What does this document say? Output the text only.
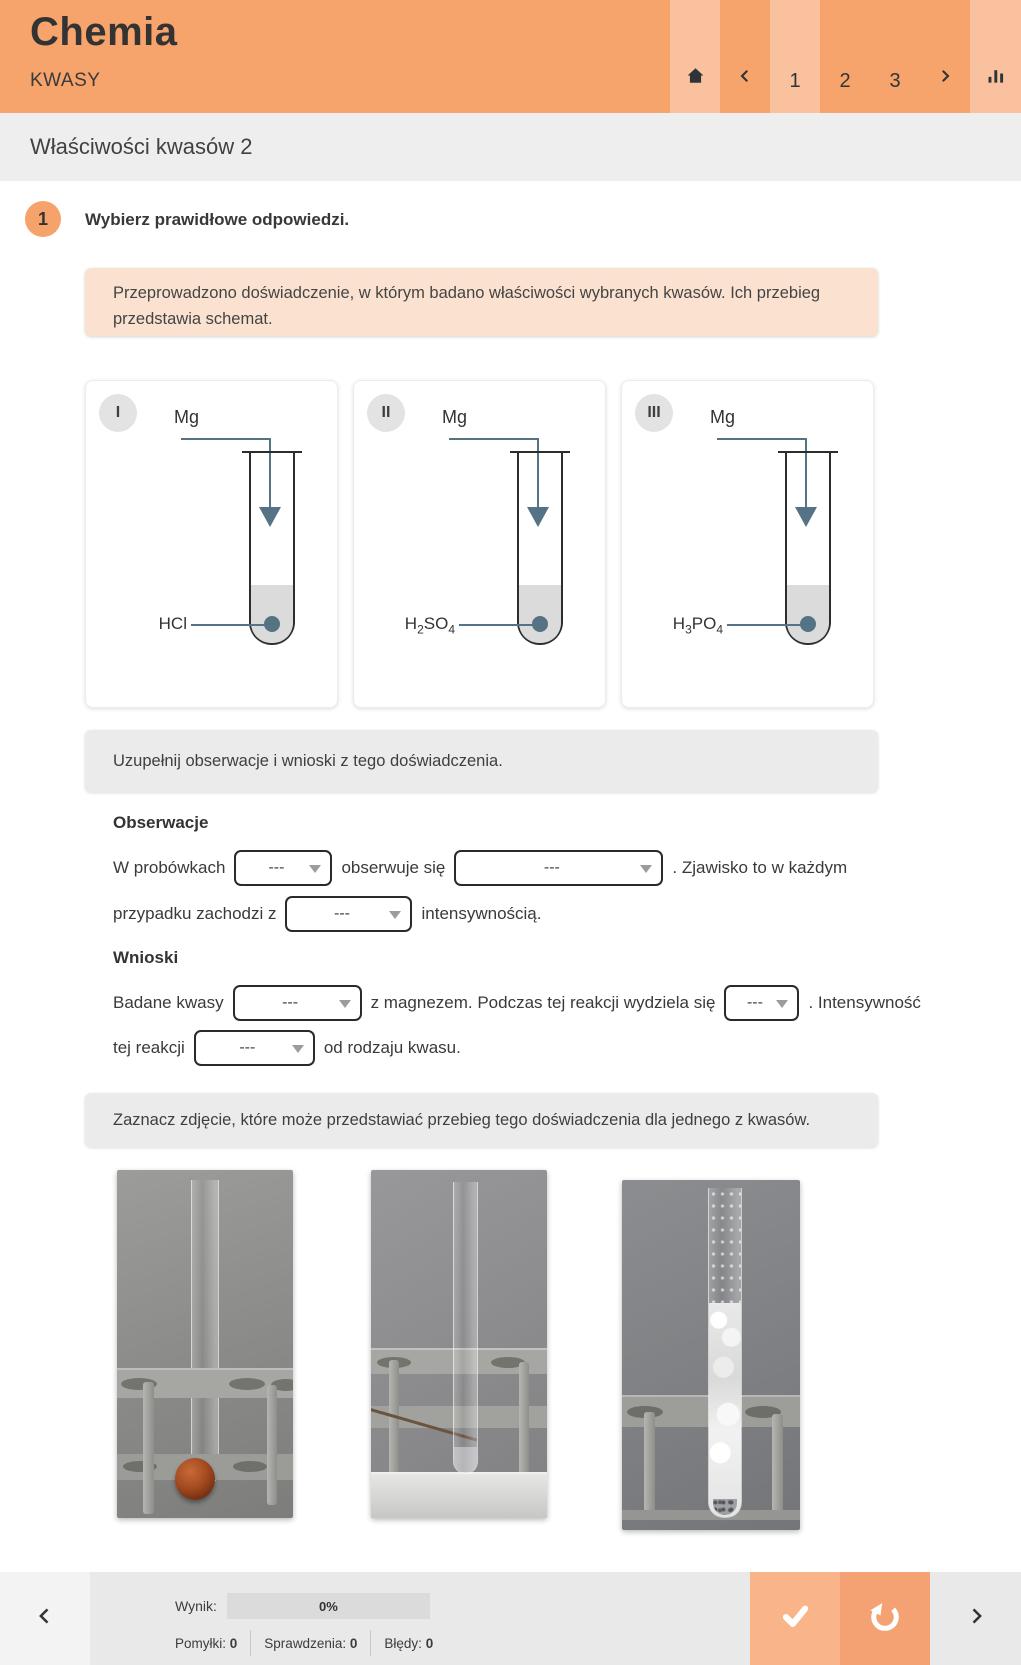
Chemia
KWASY	1 2 3
Właściwości kwasów 2
1	Wybierz prawidłowe odpowiedzi.
Przeprowadzono doświadczenie, w którym badano właściwości wybranych kwasów. Ich przebieg przedstawia schemat.
I	Mg
HCl
II	Mg
$H_2SO_4$
III	Mg
$H_3PO_4$
Uzupełnij obserwacje i wnioski z tego doświadczenia.
Obserwacje
W probówkach	---	obserwuje się	---	. Zjawisko to w każdym
przypadku zachodzi z	---	intensywnością.
Wnioski
Badane kwasy	---	z magnezem. Podczas tej reakcji wydziela się	---	. Intensywność
tej reakcji	---	od rodzaju kwasu.
Zaznacz zdjęcie, które może przedstawiać przebieg tego doświadczenia dla jednego z kwasów.
Wynik:	0%
Pomyłki: 0 Sprawdzenia: 0 Błędy: 0
